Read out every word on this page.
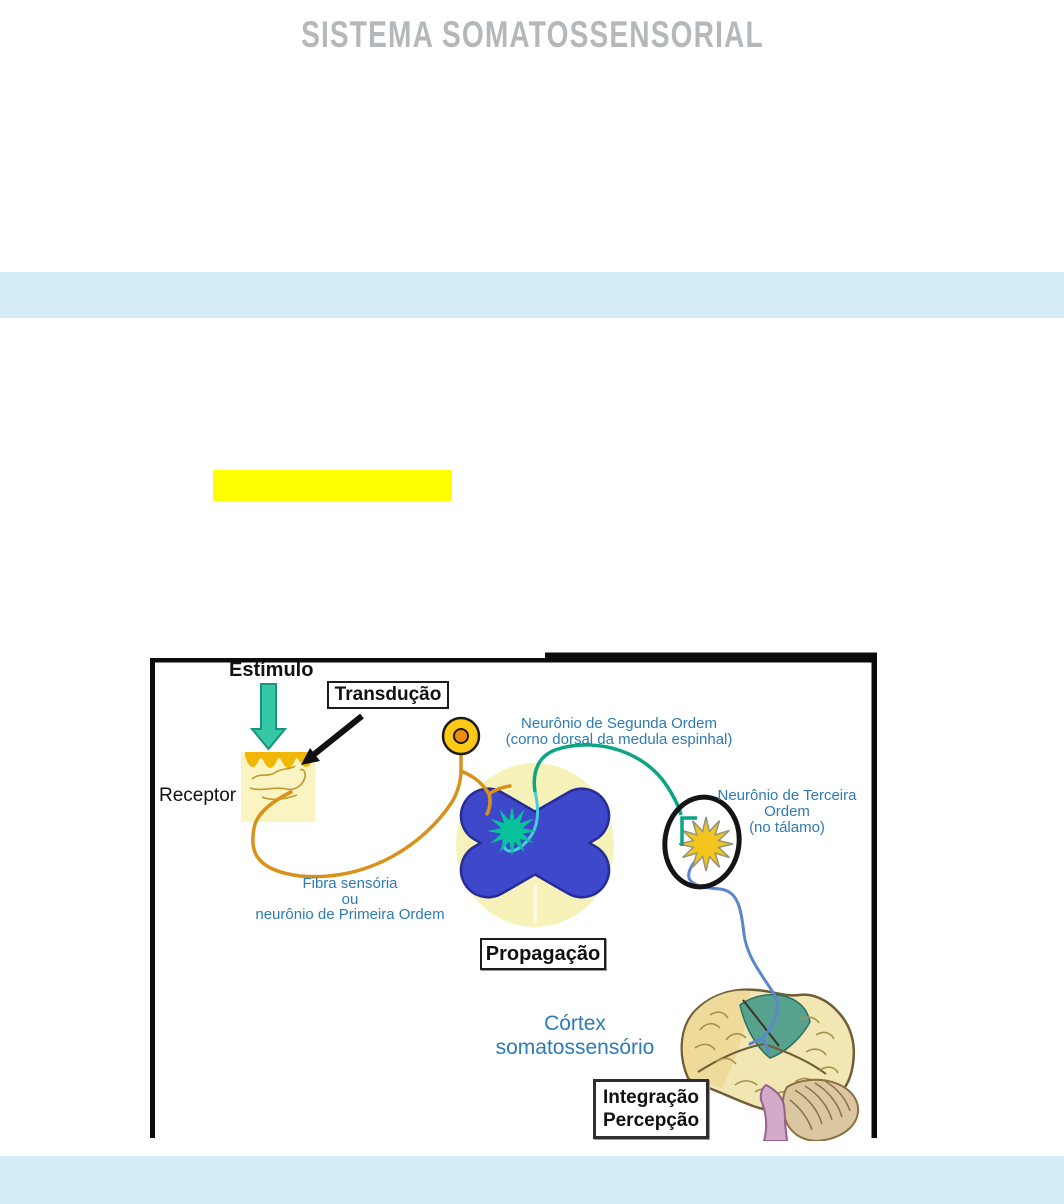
SISTEMA SOMATOSSENSORIAL
Estímulo
Transdução
Receptor
Neurônio de Segunda Ordem
(corno dorsal da medula espinhal)
Neurônio de Terceira
Ordem
(no tálamo)
Fibra sensória
ou
neurônio de Primeira Ordem
Propagação
Córtex somatossensório
Integração
Percepção
